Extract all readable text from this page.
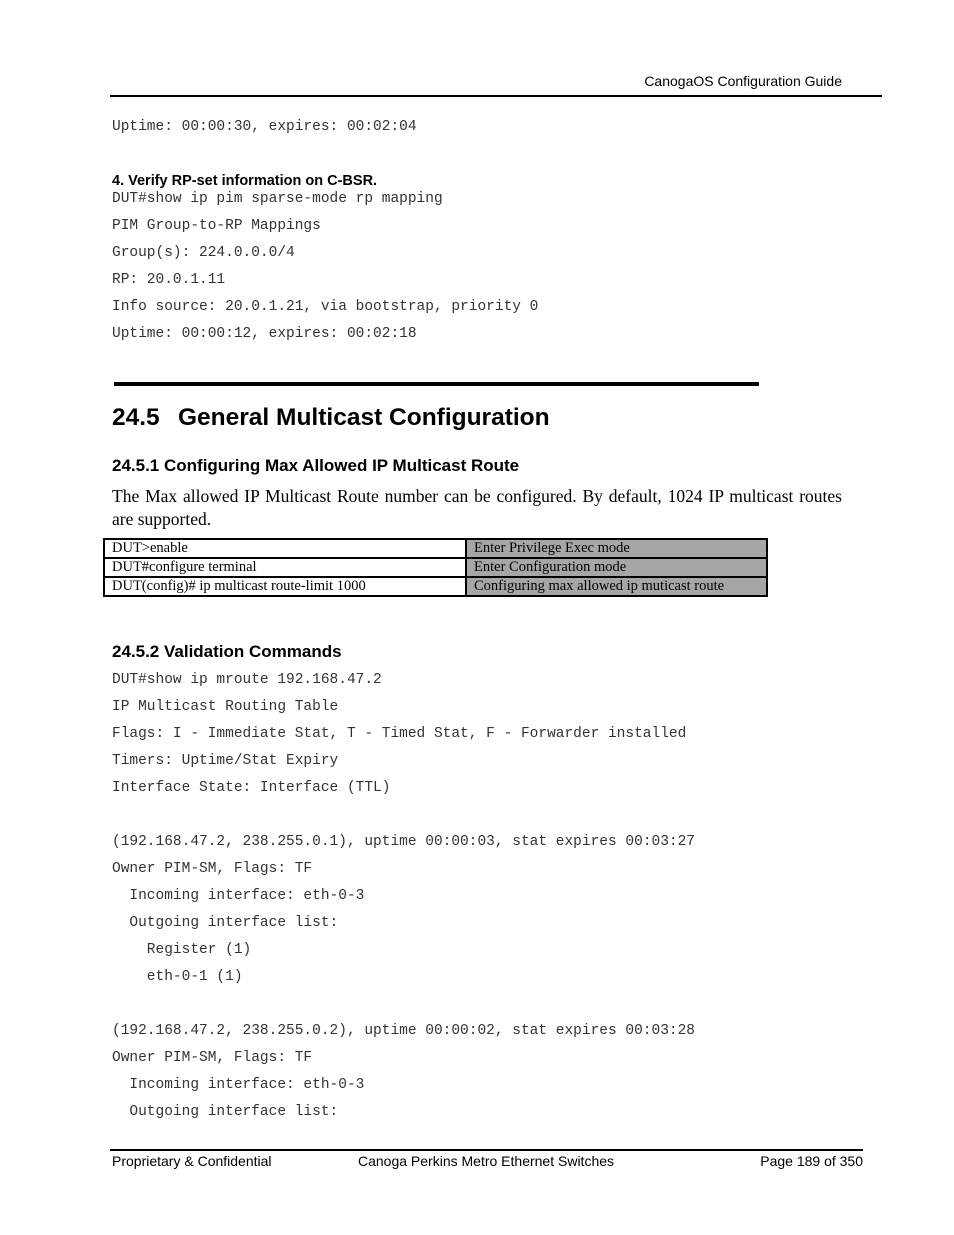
CanogaOS Configuration Guide

Uptime: 00:00:30, expires: 00:02:04

4. Verify RP-set information on C-BSR.

DUT#show ip pim sparse-mode rp mapping

PIM Group-to-RP Mappings

Group(s): 224.0.0.0/4

RP: 20.0.1.11

Info source: 20.0.1.21, via bootstrap, priority 0

Uptime: 00:00:12, expires: 00:02:18

24.5 General Multicast Configuration
24.5.1 Configuring Max Allowed IP Multicast Route
The Max allowed IP Multicast Route number can be configured. By default, 1024 IP multicast routes are supported.
DUT>enable	Enter Privilege Exec mode
DUT#configure terminal	Enter Configuration mode
DUT(config)# ip multicast route-limit 1000	Configuring max allowed ip muticast route
24.5.2 Validation Commands

DUT#show ip mroute 192.168.47.2

IP Multicast Routing Table

Flags: I - Immediate Stat, T - Timed Stat, F - Forwarder installed

Timers: Uptime/Stat Expiry

Interface State: Interface (TTL)

(192.168.47.2, 238.255.0.1), uptime 00:00:03, stat expires 00:03:27

Owner PIM-SM, Flags: TF

Incoming interface: eth-0-3

Outgoing interface list:

Register (1)

eth-0-1 (1)

(192.168.47.2, 238.255.0.2), uptime 00:00:02, stat expires 00:03:28

Owner PIM-SM, Flags: TF

Incoming interface: eth-0-3

Outgoing interface list:

Proprietary & Confidential	Canoga Perkins Metro Ethernet Switches	Page 189 of 350
